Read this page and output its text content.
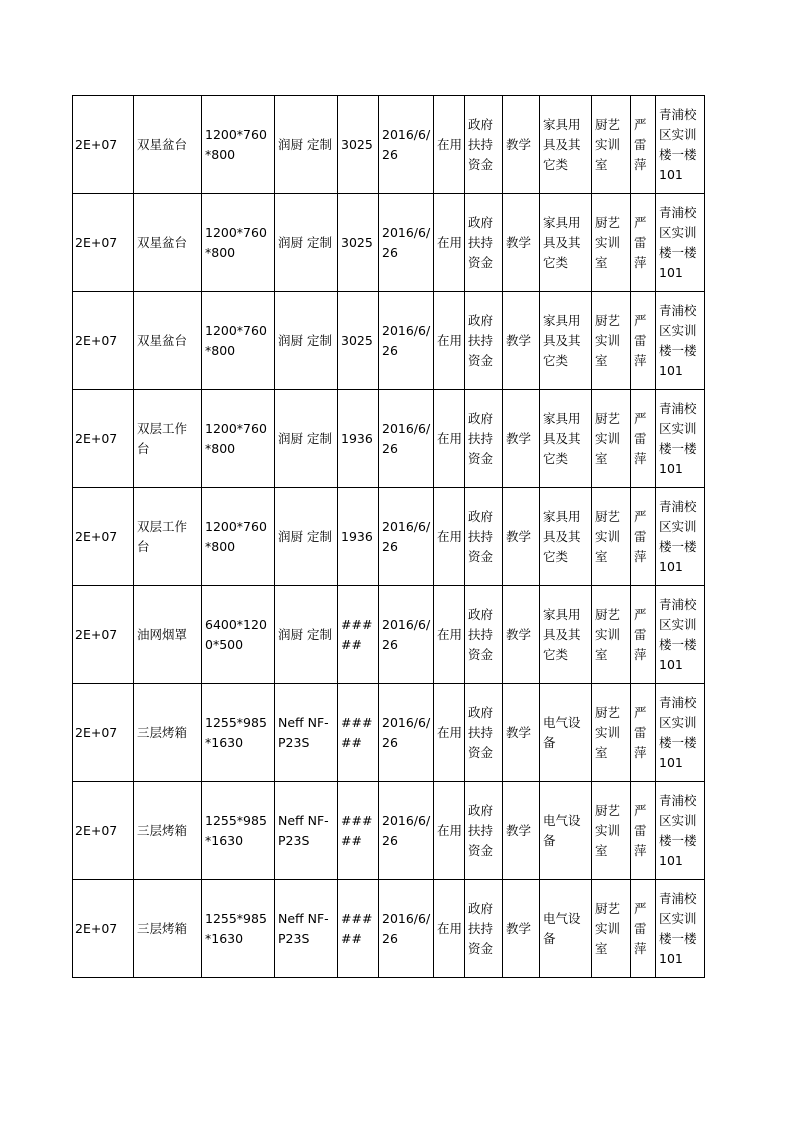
2E+07	双星盆台	1200*760*800	润厨 定制	3025	2016/6/26	在用	政府扶持资金	教学	家具用具及其它类	厨艺实训室	严雷萍	青浦校区实训楼一楼101
2E+07	双星盆台	1200*760*800	润厨 定制	3025	2016/6/26	在用	政府扶持资金	教学	家具用具及其它类	厨艺实训室	严雷萍	青浦校区实训楼一楼101
2E+07	双星盆台	1200*760*800	润厨 定制	3025	2016/6/26	在用	政府扶持资金	教学	家具用具及其它类	厨艺实训室	严雷萍	青浦校区实训楼一楼101
2E+07	双层工作台	1200*760*800	润厨 定制	1936	2016/6/26	在用	政府扶持资金	教学	家具用具及其它类	厨艺实训室	严雷萍	青浦校区实训楼一楼101
2E+07	双层工作台	1200*760*800	润厨 定制	1936	2016/6/26	在用	政府扶持资金	教学	家具用具及其它类	厨艺实训室	严雷萍	青浦校区实训楼一楼101
2E+07	油网烟罩	6400*1200*500	润厨 定制	#####	2016/6/26	在用	政府扶持资金	教学	家具用具及其它类	厨艺实训室	严雷萍	青浦校区实训楼一楼101
2E+07	三层烤箱	1255*985*1630	Neff NF-P23S	#####	2016/6/26	在用	政府扶持资金	教学	电气设备	厨艺实训室	严雷萍	青浦校区实训楼一楼101
2E+07	三层烤箱	1255*985*1630	Neff NF-P23S	#####	2016/6/26	在用	政府扶持资金	教学	电气设备	厨艺实训室	严雷萍	青浦校区实训楼一楼101
2E+07	三层烤箱	1255*985*1630	Neff NF-P23S	#####	2016/6/26	在用	政府扶持资金	教学	电气设备	厨艺实训室	严雷萍	青浦校区实训楼一楼101
